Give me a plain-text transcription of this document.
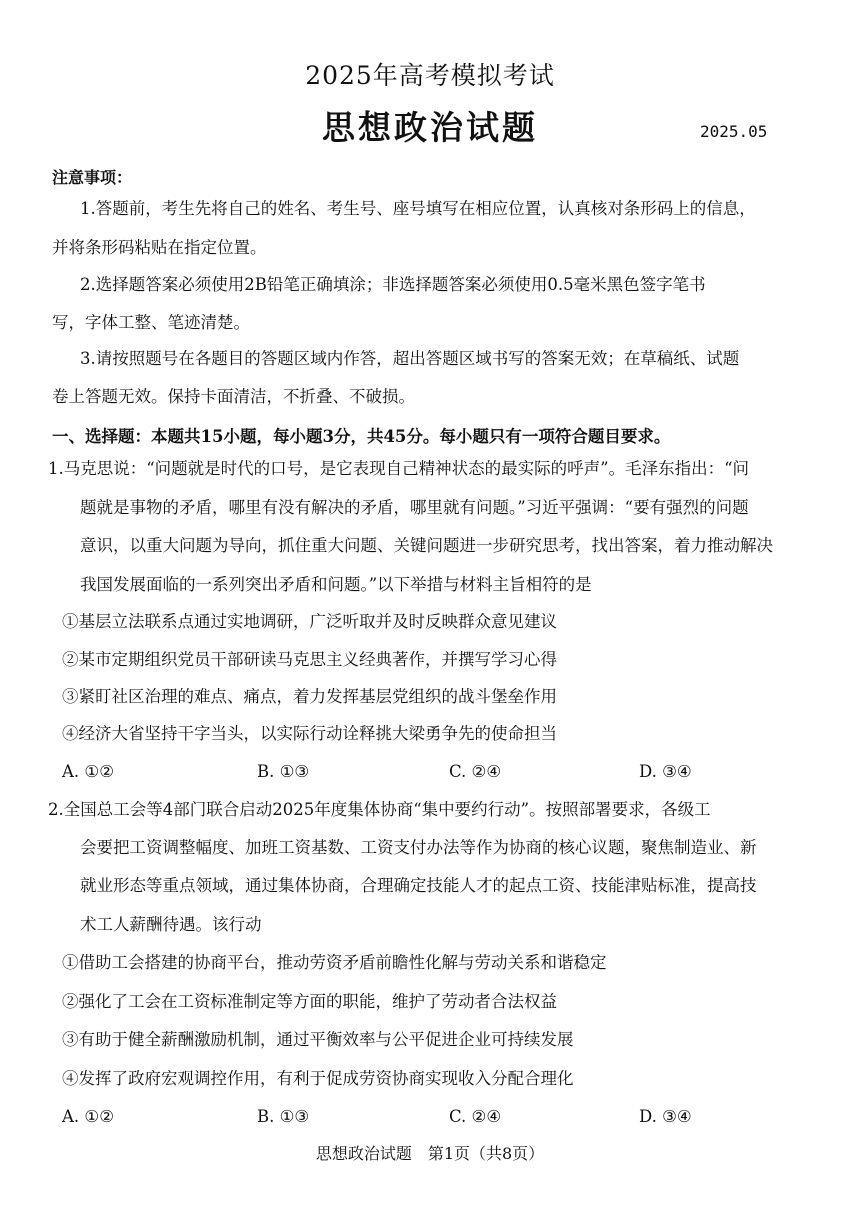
2025年高考模拟考试
思想政治试题	2025.05
注意事项：
1.答题前，考生先将自己的姓名、考生号、座号填写在相应位置，认真核对条形码上的信息，
并将条形码粘贴在指定位置。
2.选择题答案必须使用2B铅笔正确填涂；非选择题答案必须使用0.5毫米黑色签字笔书
写，字体工整、笔迹清楚。
3.请按照题号在各题目的答题区域内作答，超出答题区域书写的答案无效；在草稿纸、试题
卷上答题无效。保持卡面清洁，不折叠、不破损。
一、选择题：本题共15小题，每小题3分，共45分。每小题只有一项符合题目要求。
1.马克思说：“问题就是时代的口号，是它表现自己精神状态的最实际的呼声”。毛泽东指出：“问
题就是事物的矛盾，哪里有没有解决的矛盾，哪里就有问题。”习近平强调：“要有强烈的问题
意识，以重大问题为导向，抓住重大问题、关键问题进一步研究思考，找出答案，着力推动解决
我国发展面临的一系列突出矛盾和问题。”以下举措与材料主旨相符的是
①基层立法联系点通过实地调研，广泛听取并及时反映群众意见建议
②某市定期组织党员干部研读马克思主义经典著作，并撰写学习心得
③紧盯社区治理的难点、痛点，着力发挥基层党组织的战斗堡垒作用
④经济大省坚持干字当头，以实际行动诠释挑大梁勇争先的使命担当
A. ①②	B. ①③	C. ②④	D. ③④
2.全国总工会等4部门联合启动2025年度集体协商“集中要约行动”。按照部署要求，各级工
会要把工资调整幅度、加班工资基数、工资支付办法等作为协商的核心议题，聚焦制造业、新
就业形态等重点领域，通过集体协商，合理确定技能人才的起点工资、技能津贴标准，提高技
术工人薪酬待遇。该行动
①借助工会搭建的协商平台，推动劳资矛盾前瞻性化解与劳动关系和谐稳定
②强化了工会在工资标准制定等方面的职能，维护了劳动者合法权益
③有助于健全薪酬激励机制，通过平衡效率与公平促进企业可持续发展
④发挥了政府宏观调控作用，有利于促成劳资协商实现收入分配合理化
A. ①②	B. ①③	C. ②④	D. ③④
思想政治试题　第1页（共8页）
